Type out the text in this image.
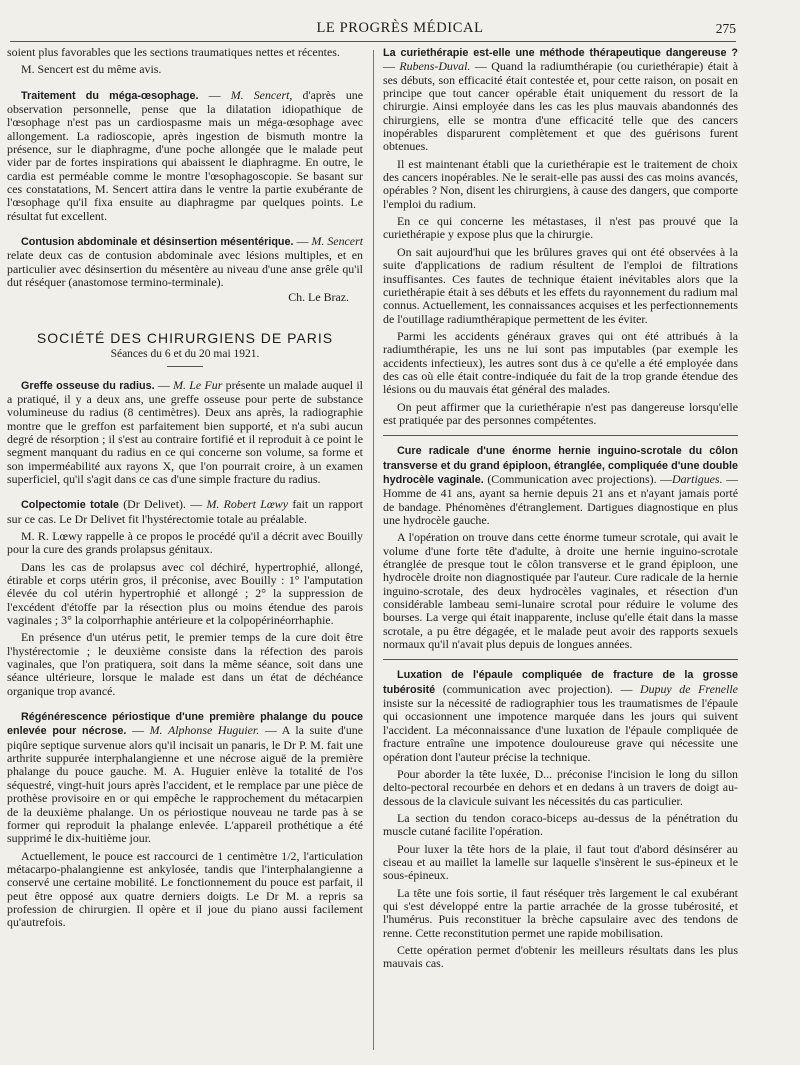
LE PROGRÈS MÉDICAL	275

soient plus favorables que les sections traumatiques nettes et récentes.

M. Sencert est du même avis.

Traitement du méga-œsophage. — M. Sencert, d'après une observation personnelle, pense que la dilatation idiopathique de l'œsophage n'est pas un cardiospasme mais un méga-œsophage avec allongement. La radioscopie, après ingestion de bismuth montre la présence, sur le diaphragme, d'une poche allongée que le malade peut vider par de fortes inspirations qui abaissent le diaphragme. En outre, le cardia est perméable comme le montre l'œsophagoscopie. Se basant sur ces constatations, M. Sencert attira dans le ventre la partie exubérante de l'œsophage qu'il fixa ensuite au diaphragme par quelques points. Le résultat fut excellent.

Contusion abdominale et désinsertion mésentérique. — M. Sencert relate deux cas de contusion abdominale avec lésions multiples, et en particulier avec désinsertion du mésentère au niveau d'une anse grêle qu'il dut réséquer (anastomose termino-terminale).

Ch. Le Braz.
SOCIÉTÉ DES CHIRURGIENS DE PARIS
Séances du 6 et du 20 mai 1921.

Greffe osseuse du radius. — M. Le Fur présente un malade auquel il a pratiqué, il y a deux ans, une greffe osseuse pour perte de substance volumineuse du radius (8 centimètres). Deux ans après, la radiographie montre que le greffon est parfaitement bien supporté, et n'a subi aucun degré de résorption ; il s'est au contraire fortifié et il reproduit à ce point le segment manquant du radius en ce qui concerne son volume, sa forme et son imperméabilité aux rayons X, que l'on pourrait croire, à un examen superficiel, qu'il s'agit dans ce cas d'une simple fracture du radius.

Colpectomie totale (Dr Delivet). — M. Robert Lœwy fait un rapport sur ce cas. Le Dr Delivet fit l'hystérectomie totale au préalable.

M. R. Lœwy rappelle à ce propos le procédé qu'il a décrit avec Bouilly pour la cure des grands prolapsus génitaux.

Dans les cas de prolapsus avec col déchiré, hypertrophié, allongé, étirable et corps utérin gros, il préconise, avec Bouilly : 1° l'amputation élevée du col utérin hypertrophié et allongé ; 2° la suppression de l'excédent d'étoffe par la résection plus ou moins étendue des parois vaginales ; 3° la colporrhaphie antérieure et la colpopérinéorrhaphie.

En présence d'un utérus petit, le premier temps de la cure doit être l'hystérectomie ; le deuxième consiste dans la réfection des parois vaginales, que l'on pratiquera, soit dans la même séance, soit dans une séance ultérieure, lorsque le malade est dans un état de déchéance organique trop avancé.

Régénérescence périostique d'une première phalange du pouce enlevée pour nécrose. — M. Alphonse Huguier. — A la suite d'une piqûre septique survenue alors qu'il incisait un panaris, le Dr P. M. fait une arthrite suppurée interphalangienne et une nécrose aiguë de la première phalange du pouce gauche. M. A. Huguier enlève la totalité de l'os séquestré, vingt-huit jours après l'accident, et le remplace par une pièce de prothèse provisoire en or qui empêche le rapprochement du métacarpien de la deuxième phalange. Un os périostique nouveau ne tarde pas à se former qui reproduit la phalange enlevée. L'appareil prothétique a été supprimé le dix-huitième jour.

Actuellement, le pouce est raccourci de 1 centimètre 1/2, l'articulation métacarpo-phalangienne est ankylosée, tandis que l'interphalangienne a conservé une certaine mobilité. Le fonctionnement du pouce est parfait, il peut être opposé aux quatre derniers doigts. Le Dr M. a repris sa profession de chirurgien. Il opère et il joue du piano aussi facilement qu'autrefois.

La curiethérapie est-elle une méthode thérapeutique dangereuse ? — Rubens-Duval. — Quand la radiumthérapie (ou curiethérapie) était à ses débuts, son efficacité était contestée et, pour cette raison, on posait en principe que tout cancer opérable était uniquement du ressort de la chirurgie. Ainsi employée dans les cas les plus mauvais abandonnés des chirurgiens, elle se montra d'une efficacité telle que des cancers inopérables disparurent complètement et que des guérisons furent obtenues.

Il est maintenant établi que la curiethérapie est le traitement de choix des cancers inopérables. Ne le serait-elle pas aussi des cas moins avancés, opérables ? Non, disent les chirurgiens, à cause des dangers, que comporte l'emploi du radium.

En ce qui concerne les métastases, il n'est pas prouvé que la curiethérapie y expose plus que la chirurgie.

On sait aujourd'hui que les brûlures graves qui ont été observées à la suite d'applications de radium résultent de l'emploi de filtrations insuffisantes. Ces fautes de technique étaient inévitables alors que la curiethérapie était à ses débuts et les effets du rayonnement du radium mal connus. Actuellement, les connaissances acquises et les perfectionnements de l'outillage radiumthérapique permettent de les éviter.

Parmi les accidents généraux graves qui ont été attribués à la radiumthérapie, les uns ne lui sont pas imputables (par exemple les accidents infectieux), les autres sont dus à ce qu'elle a été employée dans des cas où elle était contre-indiquée du fait de la trop grande étendue des lésions ou du mauvais état général des malades.

On peut affirmer que la curiethérapie n'est pas dangereuse lorsqu'elle est pratiquée par des personnes compétentes.

Cure radicale d'une énorme hernie inguino-scrotale du côlon transverse et du grand épiploon, étranglée, compliquée d'une double hydrocèle vaginale. (Communication avec projections). —Dartigues. — Homme de 41 ans, ayant sa hernie depuis 21 ans et n'ayant jamais porté de bandage. Phénomènes d'étranglement. Dartigues diagnostique en plus une hydrocèle gauche.

A l'opération on trouve dans cette énorme tumeur scrotale, qui avait le volume d'une forte tête d'adulte, à droite une hernie inguino-scrotale étranglée de presque tout le côlon transverse et le grand épiploon, une hydrocèle droite non diagnostiquée par l'auteur. Cure radicale de la hernie inguino-scrotale, des deux hydrocèles vaginales, et résection d'un considérable lambeau semi-lunaire scrotal pour réduire le volume des bourses. La verge qui était inapparente, incluse qu'elle était dans la masse scrotale, a pu être dégagée, et le malade peut avoir des rapports sexuels normaux qu'il n'avait plus depuis de longues années.

Luxation de l'épaule compliquée de fracture de la grosse tubérosité (communication avec projection). — Dupuy de Frenelle insiste sur la nécessité de radiographier tous les traumatismes de l'épaule qui occasionnent une impotence marquée dans les jours qui suivent l'accident. La méconnaissance d'une luxation de l'épaule compliquée de fracture entraîne une impotence douloureuse grave qui nécessite une opération dont l'auteur précise la technique.

Pour aborder la tête luxée, D... préconise l'incision le long du sillon delto-pectoral recourbée en dehors et en dedans à un travers de doigt au-dessous de la clavicule suivant les nécessités du cas particulier.

La section du tendon coraco-biceps au-dessus de la pénétration du muscle cutané facilite l'opération.

Pour luxer la tête hors de la plaie, il faut tout d'abord désinsérer au ciseau et au maillet la lamelle sur laquelle s'insèrent le sus-épineux et le sous-épineux.

La tête une fois sortie, il faut réséquer très largement le cal exubérant qui s'est développé entre la partie arrachée de la grosse tubérosité, et l'humérus. Puis reconstituer la brèche capsulaire avec des tendons de renne. Cette reconstitution permet une rapide mobilisation.

Cette opération permet d'obtenir les meilleurs résultats dans les plus mauvais cas.
